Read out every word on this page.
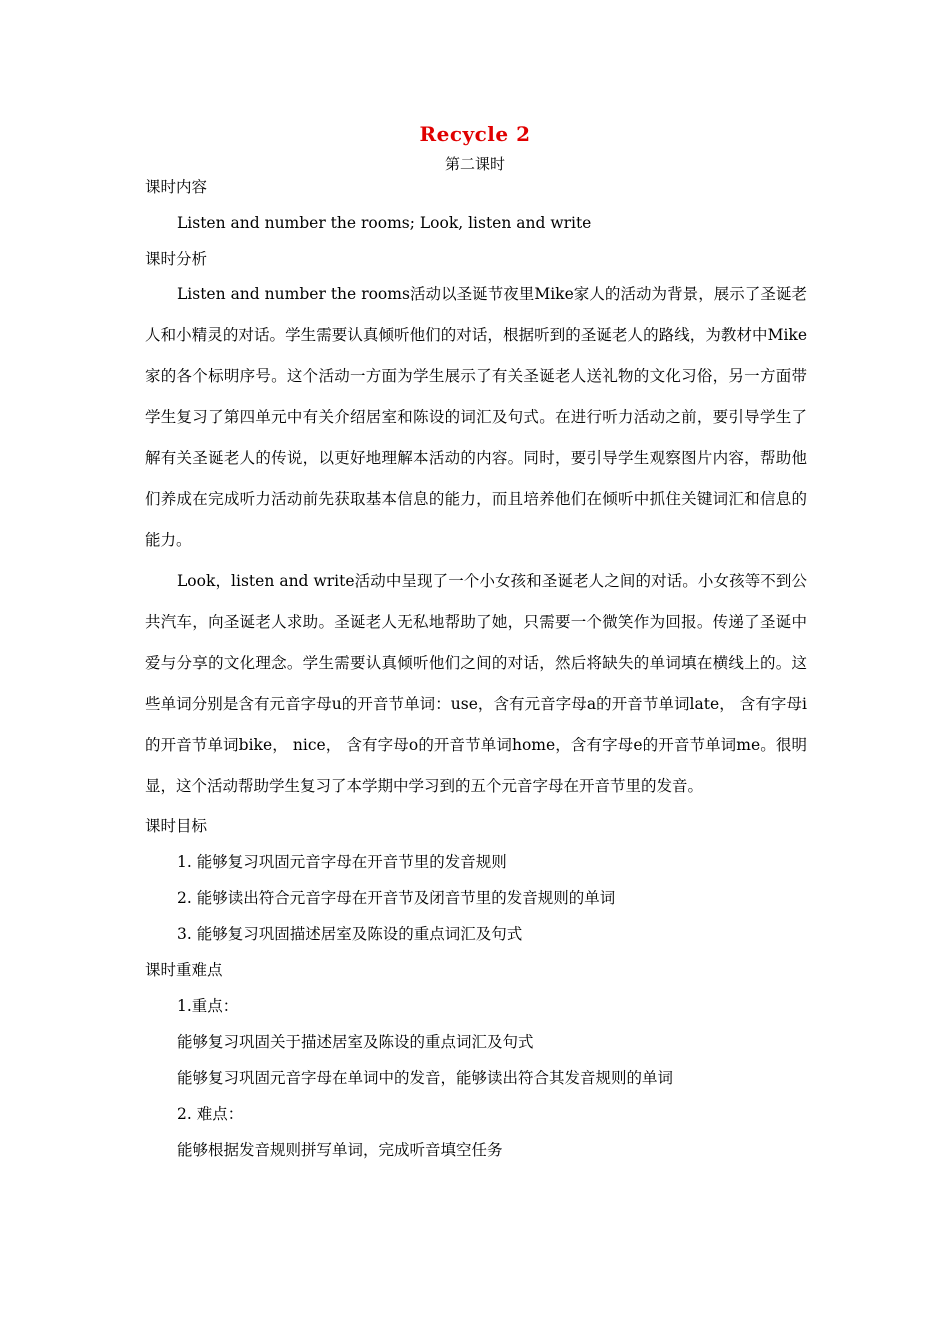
Recycle 2
第二课时
课时内容
Listen and number the rooms; Look, listen and write
课时分析
Listen and number the rooms活动以圣诞节夜里Mike家人的活动为背景，展示了圣诞老人和小精灵的对话。学生需要认真倾听他们的对话，根据听到的圣诞老人的路线，为教材中Mike家的各个标明序号。这个活动一方面为学生展示了有关圣诞老人送礼物的文化习俗，另一方面带学生复习了第四单元中有关介绍居室和陈设的词汇及句式。在进行听力活动之前，要引导学生了解有关圣诞老人的传说，以更好地理解本活动的内容。同时，要引导学生观察图片内容，帮助他们养成在完成听力活动前先获取基本信息的能力，而且培养他们在倾听中抓住关键词汇和信息的能力。
Look，listen and write活动中呈现了一个小女孩和圣诞老人之间的对话。小女孩等不到公共汽车，向圣诞老人求助。圣诞老人无私地帮助了她，只需要一个微笑作为回报。传递了圣诞中爱与分享的文化理念。学生需要认真倾听他们之间的对话，然后将缺失的单词填在横线上的。这些单词分别是含有元音字母u的开音节单词：use，含有元音字母a的开音节单词late， 含有字母i的开音节单词bike， nice， 含有字母o的开音节单词home，含有字母e的开音节单词me。很明显，这个活动帮助学生复习了本学期中学习到的五个元音字母在开音节里的发音。
课时目标
1. 能够复习巩固元音字母在开音节里的发音规则
2. 能够读出符合元音字母在开音节及闭音节里的发音规则的单词
3. 能够复习巩固描述居室及陈设的重点词汇及句式
课时重难点
1.重点：
能够复习巩固关于描述居室及陈设的重点词汇及句式
能够复习巩固元音字母在单词中的发音，能够读出符合其发音规则的单词
2. 难点：
能够根据发音规则拼写单词，完成听音填空任务
